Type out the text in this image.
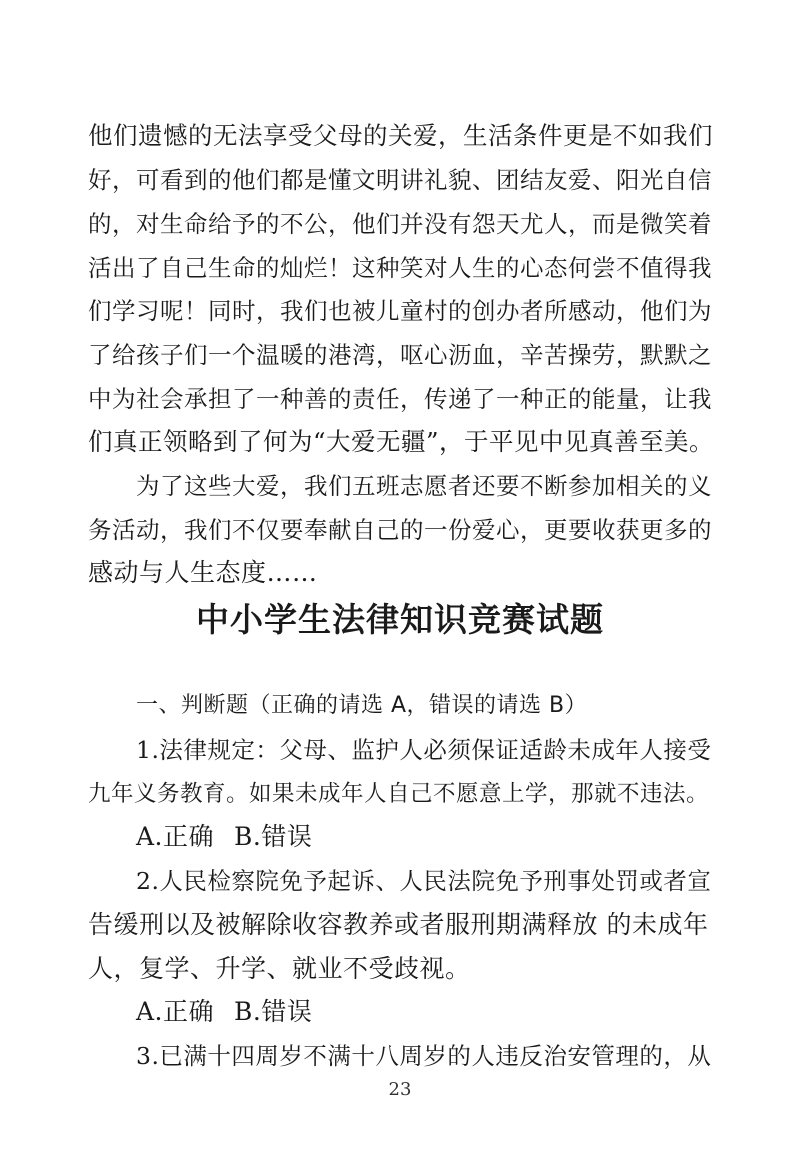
他们遗憾的无法享受父母的关爱，生活条件更是不如我们
好，可看到的他们都是懂文明讲礼貌、团结友爱、阳光自信
的，对生命给予的不公，他们并没有怨天尤人，而是微笑着
活出了自己生命的灿烂！这种笑对人生的心态何尝不值得我
们学习呢！同时，我们也被儿童村的创办者所感动，他们为
了给孩子们一个温暖的港湾，呕心沥血，辛苦操劳，默默之
中为社会承担了一种善的责任，传递了一种正的能量，让我
们真正领略到了何为“大爱无疆”，于平见中见真善至美。
为了这些大爱，我们五班志愿者还要不断参加相关的义
务活动，我们不仅要奉献自己的一份爱心，更要收获更多的
感动与人生态度……
中小学生法律知识竞赛试题
一、判断题（正确的请选 A，错误的请选 B）
1.法律规定：父母、监护人必须保证适龄未成年人接受
九年义务教育。如果未成年人自己不愿意上学，那就不违法。
A.正确 B.错误
2.人民检察院免予起诉、人民法院免予刑事处罚或者宣
告缓刑以及被解除收容教养或者服刑期满释放 的未成年
人，复学、升学、就业不受歧视。
A.正确 B.错误
3.已满十四周岁不满十八周岁的人违反治安管理的，从
23
